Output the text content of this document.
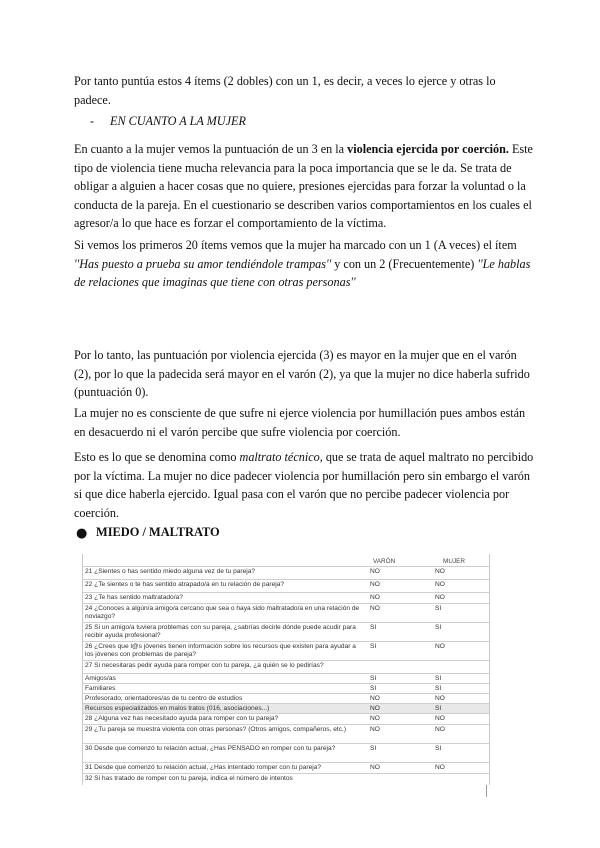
Por tanto puntúa estos 4 ítems (2 dobles) con un 1, es decir, a veces lo ejerce y otras lo padece.

- EN CUANTO A LA MUJER

En cuanto a la mujer vemos la puntuación de un 3 en la violencia ejercida por coerción. Este tipo de violencia tiene mucha relevancia para la poca importancia que se le da. Se trata de obligar a alguien a hacer cosas que no quiere, presiones ejercidas para forzar la voluntad o la conducta de la pareja. En el cuestionario se describen varios comportamientos en los cuales el agresor/a lo que hace es forzar el comportamiento de la víctima.

Si vemos los primeros 20 ítems vemos que la mujer ha marcado con un 1 (A veces) el ítem ''Has puesto a prueba su amor tendiéndole trampas'' y con un 2 (Frecuentemente) ''Le hablas de relaciones que imaginas que tiene con otras personas''

Por lo tanto, las puntuación por violencia ejercida (3) es mayor en la mujer que en el varón (2), por lo que la padecida será mayor en el varón (2), ya que la mujer no dice haberla sufrido (puntuación 0).

La mujer no es consciente de que sufre ni ejerce violencia por humillación pues ambos están en desacuerdo ni el varón percibe que sufre violencia por coerción.

Esto es lo que se denomina como maltrato técnico, que se trata de aquel maltrato no percibido por la víctima. La mujer no dice padecer violencia por humillación pero sin embargo el varón si que dice haberla ejercido. Igual pasa con el varón que no percibe padecer violencia por coerción.

● MIEDO / MALTRATO
VARÓN	MUJER
21 ¿Sientes o has sentido miedo alguna vez de tu pareja?	NO	NO
22 ¿Te sientes o te has sentido atrapado/a en tu relación de pareja?	NO	NO
23 ¿Te has sentido maltratado/a?	NO	NO
24 ¿Conoces a algún/a amigo/a cercano que sea o haya sido maltratado/a en una relación de noviazgo?
NO	SI
25 Si un amigo/a tuviera problemas con su pareja, ¿sabrías decirle dónde puede acudir para recibir ayuda profesional?
SI	SI
26 ¿Crees que l@s jóvenes tienen información sobre los recursos que existen para ayudar a los jóvenes con problemas de pareja?
SI	NO
27 Si necesitaras pedir ayuda para romper con tu pareja, ¿a quién se lo pedirías?
Amigos/as	SI	SI
Familiares	SI	SI
Profesorado, orientadores/as de tu centro de estudios	NO	NO
Recursos especializados en malos tratos (016, asociaciones...)	NO	SI
28 ¿Alguna vez has necesitado ayuda para romper con tu pareja?	NO	NO
29 ¿Tu pareja se muestra violenta con otras personas? (Otros amigos, compañeros, etc.)	NO	NO
30 Desde que comenzó tu relación actual, ¿Has PENSADO en romper con tu pareja?	SI	SI
31 Desde que comenzó tu relación actual, ¿Has intentado romper con tu pareja?	NO	NO
32 Si has tratado de romper con tu pareja, indica el número de intentos
